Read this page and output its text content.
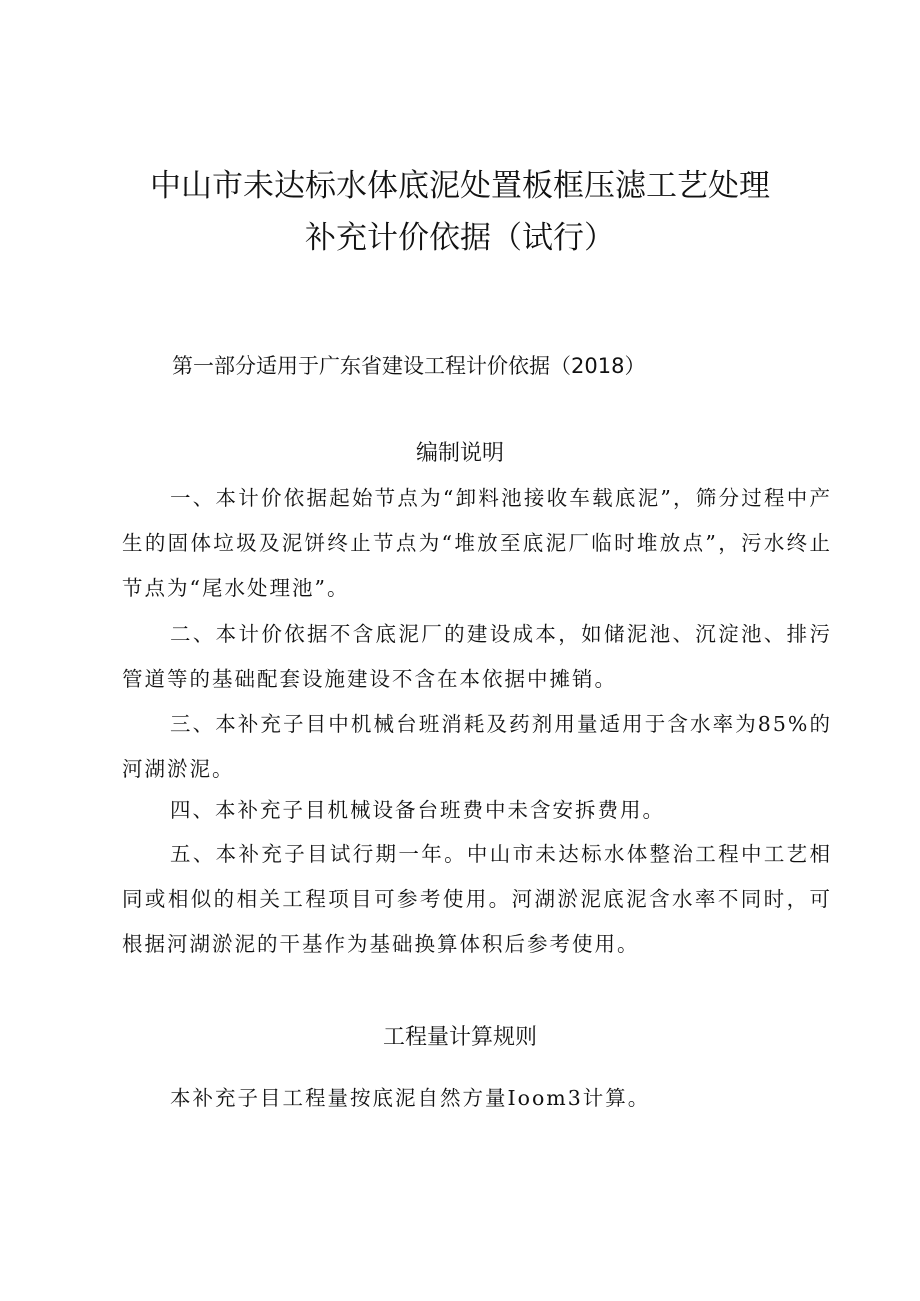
中山市未达标水体底泥处置板框压滤工艺处理
补充计价依据（试行）
第一部分适用于广东省建设工程计价依据（2018）
编制说明

一、本计价依据起始节点为“卸料池接收车载底泥”，筛分过程中产生的固体垃圾及泥饼终止节点为“堆放至底泥厂临时堆放点”，污水终止节点为“尾水处理池”。

二、本计价依据不含底泥厂的建设成本，如储泥池、沉淀池、排污管道等的基础配套设施建设不含在本依据中摊销。

三、本补充子目中机械台班消耗及药剂用量适用于含水率为85%的河湖淤泥。

四、本补充子目机械设备台班费中未含安拆费用。

五、本补充子目试行期一年。中山市未达标水体整治工程中工艺相同或相似的相关工程项目可参考使用。河湖淤泥底泥含水率不同时，可根据河湖淤泥的干基作为基础换算体积后参考使用。

工程量计算规则

本补充子目工程量按底泥自然方量Ioom3计算。
